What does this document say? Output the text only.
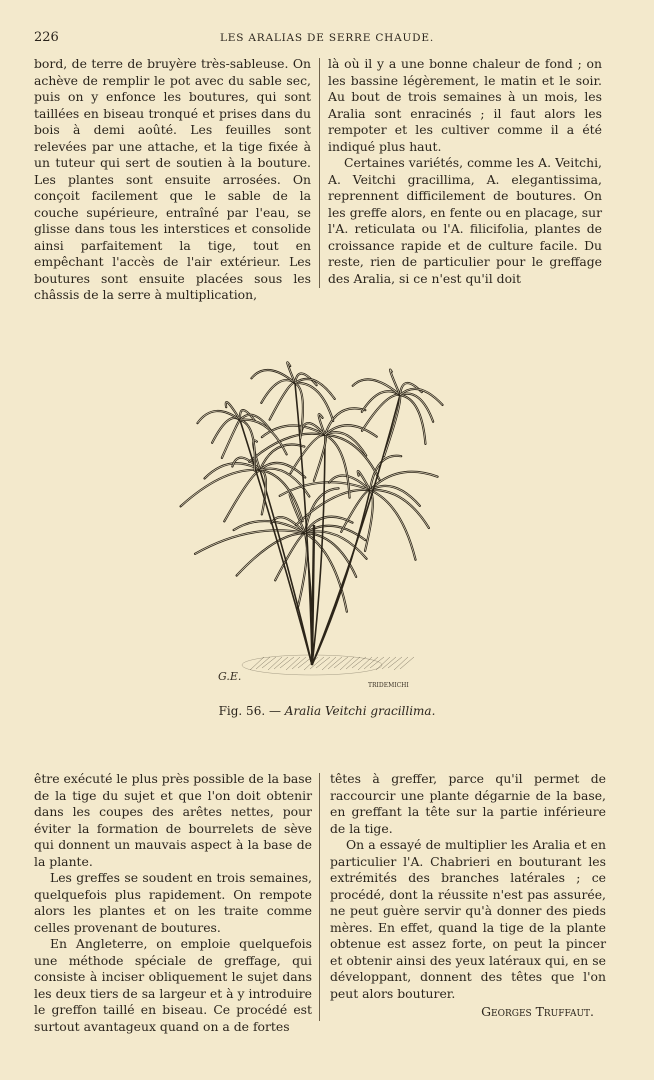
226	LES ARALIAS DE SERRE CHAUDE.

bord, de terre de bruyère très-sableuse. On achève de remplir le pot avec du sable sec, puis on y enfonce les boutures, qui sont taillées en biseau tronqué et prises dans du bois à demi aoûté. Les feuilles sont relevées par une attache, et la tige fixée à un tuteur qui sert de soutien à la bouture. Les plantes sont ensuite arrosées. On conçoit facilement que le sable de la couche supérieure, entraîné par l'eau, se glisse dans tous les interstices et consolide ainsi parfaitement la tige, tout en empêchant l'accès de l'air extérieur. Les boutures sont ensuite placées sous les châssis de la serre à multiplication,

là où il y a une bonne chaleur de fond ; on les bassine légèrement, le matin et le soir. Au bout de trois semaines à un mois, les Aralia sont enracinés ; il faut alors les rempoter et les cultiver comme il a été indiqué plus haut.

Certaines variétés, comme les A. Veitchi, A. Veitchi gracillima, A. elegantissima, reprennent difficilement de boutures. On les greffe alors, en fente ou en placage, sur l'A. reticulata ou l'A. filicifolia, plantes de croissance rapide et de culture facile. Du reste, rien de particulier pour le greffage des Aralia, si ce n'est qu'il doit

G.E.
TRIDEMICHI
Fig. 56. — Aralia Veitchi gracillima.

être exécuté le plus près possible de la base de la tige du sujet et que l'on doit obtenir dans les coupes des arêtes nettes, pour éviter la formation de bourrelets de sève qui donnent un mauvais aspect à la base de la plante.

Les greffes se soudent en trois semaines, quelquefois plus rapidement. On rempote alors les plantes et on les traite comme celles provenant de boutures.

En Angleterre, on emploie quelquefois une méthode spéciale de greffage, qui consiste à inciser obliquement le sujet dans les deux tiers de sa largeur et à y introduire le greffon taillé en biseau. Ce procédé est surtout avantageux quand on a de fortes

têtes à greffer, parce qu'il permet de raccourcir une plante dégarnie de la base, en greffant la tête sur la partie inférieure de la tige.

On a essayé de multiplier les Aralia et en particulier l'A. Chabrieri en bouturant les extrémités des branches latérales ; ce procédé, dont la réussite n'est pas assurée, ne peut guère servir qu'à donner des pieds mères. En effet, quand la tige de la plante obtenue est assez forte, on peut la pincer et obtenir ainsi des yeux latéraux qui, en se développant, donnent des têtes que l'on peut alors bouturer.

Georges Truffaut.
